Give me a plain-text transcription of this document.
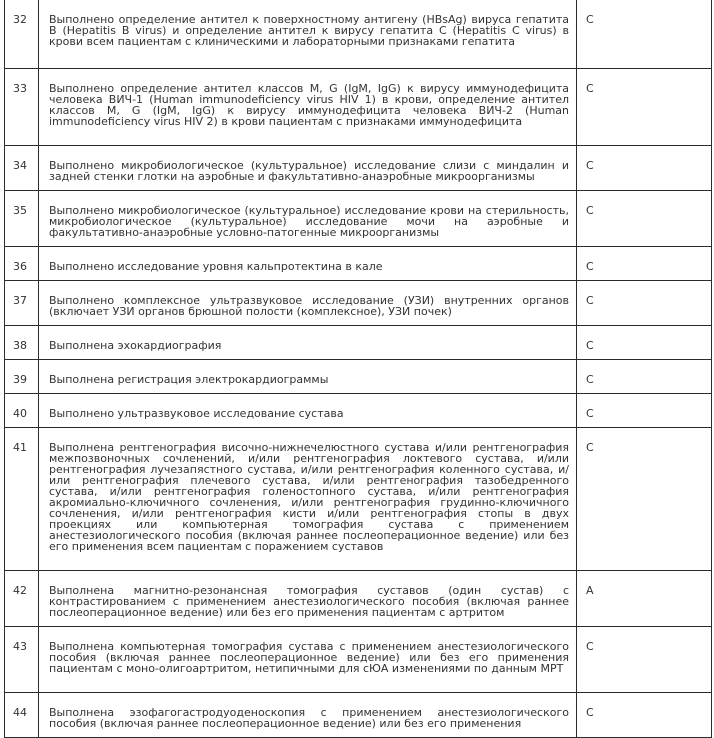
32	Выполнено определение антител к поверхностному антигену (HBsAg) вируса гепатита В (Hepatitis В virus) и определение антител к вирусу гепатита С (Hepatitis С virus) в крови всем пациентам с клиническими и лабораторными признаками гепатита	С

33	Выполнено определение антител классов М, G (IgM, IgG) к вирусу иммунодефицита человека ВИЧ-1 (Human immunodeficiency virus HIV 1) в крови, определение антител классов М, G (IgM, IgG) к вирусу иммунодефицита человека ВИЧ-2 (Human immunodeficiency virus HIV 2) в крови пациентам с признаками иммунодефицита	С

34	Выполнено микробиологическое (культуральное) исследование слизи с миндалин и задней стенки глотки на аэробные и факультативно-анаэробные микроорганизмы	С

35	Выполнено микробиологическое (культуральное) исследование крови на стерильность, микробиологическое (культуральное) исследование мочи на аэробные и факультативно-анаэробные условно-патогенные микроорганизмы	С

36	Выполнено исследование уровня кальпротектина в кале	С

37	Выполнено комплексное ультразвуковое исследование (УЗИ) внутренних органов (включает УЗИ органов брюшной полости (комплексное), УЗИ почек)	С

38	Выполнена эхокардиография	С

39	Выполнена регистрация электрокардиограммы	С

40	Выполнено ультразвуковое исследование сустава	С

41	Выполнена рентгенография височно-нижнечелюстного сустава и/или рентгенография межпозвоночных сочленений, и/или рентгенография локтевого сустава, и/или рентгенография лучезапястного сустава, и/или рентгенография коленного сустава, и/или рентгенография плечевого сустава, и/или рентгенография тазобедренного сустава, и/или рентгенография голеностопного сустава, и/или рентгенография акромиально-ключичного сочленения, и/или рентгенография грудинно-ключичного сочленения, и/или рентгенография кисти и/или рентгенография стопы в двух проекциях или компьютерная томография сустава с применением анестезиологического пособия (включая раннее послеоперационное ведение) или без его применения всем пациентам с поражением суставов	С

42	Выполнена магнитно-резонансная томография суставов (один сустав) с контрастированием с применением анестезиологического пособия (включая раннее послеоперационное ведение) или без его применения пациентам с артритом	А

43	Выполнена компьютерная томография сустава с применением анестезиологического пособия (включая раннее послеоперационное ведение) или без его применения пациентам с моно-олигоартритом, нетипичными для сЮА изменениями по данным МРТ	С

44	Выполнена эзофагогастродуоденоскопия с применением анестезиологического пособия (включая раннее послеоперационное ведение) или без его применения	С
